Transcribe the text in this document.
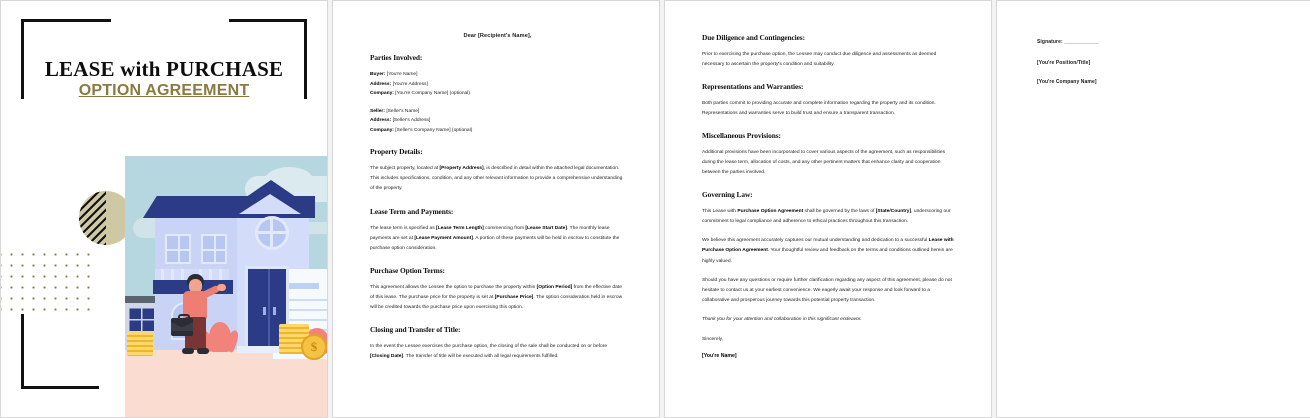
LEASE with PURCHASE
OPTION AGREEMENT
$
Dear [Recipient's Name],
Parties Involved:
Buyer: [You're Name]
Address: [You're Address]
Company: [You're Company Name] (optional)
Seller: [Seller's Name]
Address: [Seller's Address]
Company: [Seller's Company Name] (optional)
Property Details:
The subject property, located at [Property Address], is described in detail within the attached legal documentation. This includes specifications, condition, and any other relevant information to provide a comprehensive understanding of the property.
Lease Term and Payments:
The lease term is specified as [Lease Term Length] commencing from [Lease Start Date]. The monthly lease payments are set at [Lease Payment Amount]. A portion of these payments will be held in escrow to constitute the purchase option consideration.
Purchase Option Terms:
This agreement allows the Lessee the option to purchase the property within [Option Period] from the effective date of this lease. The purchase price for the property is set at [Purchase Price]. The option consideration held in escrow will be credited towards the purchase price upon exercising this option.
Closing and Transfer of Title:
In the event the Lessee exercises the purchase option, the closing of the sale shall be conducted on or before [Closing Date]. The transfer of title will be executed with all legal requirements fulfilled.
Due Diligence and Contingencies:
Prior to exercising the purchase option, the Lessee may conduct due diligence and assessments as deemed necessary to ascertain the property's condition and suitability.
Representations and Warranties:
Both parties commit to providing accurate and complete information regarding the property and its condition. Representations and warranties serve to build trust and ensure a transparent transaction.
Miscellaneous Provisions:
Additional provisions have been incorporated to cover various aspects of the agreement, such as responsibilities during the lease term, allocation of costs, and any other pertinent matters that enhance clarity and cooperation between the parties involved.
Governing Law:
This Lease with Purchase Option Agreement shall be governed by the laws of [State/Country], underscoring our commitment to legal compliance and adherence to ethical practices throughout this transaction.
We believe this agreement accurately captures our mutual understanding and dedication to a successful Lease with Purchase Option Agreement. Your thoughtful review and feedback on the terms and conditions outlined herein are highly valued.
Should you have any questions or require further clarification regarding any aspect of this agreement, please do not hesitate to contact us at your earliest convenience. We eagerly await your response and look forward to a collaborative and prosperous journey towards this potential property transaction.
Thank you for your attention and collaboration in this significant endeavor.
Sincerely,
[You're Name]
Signature: ____________
[You're Position/Title]
[You're Company Name]
